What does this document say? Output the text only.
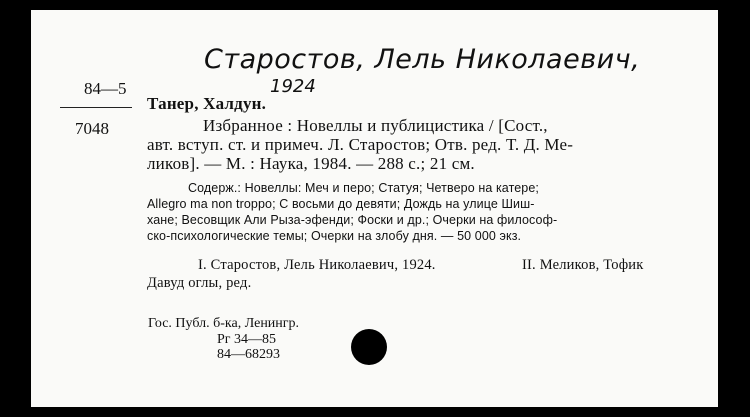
Старостов, Лель Николаевич,
1924
84—5
7048
Танер, Халдун.
Избранное : Новеллы и публицистика / [Сост.,
авт. вступ. ст. и примеч. Л. Старостов; Отв. ред. Т. Д. Ме-
ликов]. — М. : Наука, 1984. — 288 с.; 21 см.
Содерж.: Новеллы: Меч и перо; Статуя; Четверо на катере;
Allegro ma non troppo; С восьми до девяти; Дождь на улице Шиш-
хане; Весовщик Али Рыза-эфенди; Фоски и др.; Очерки на философ-
ско-психологические темы; Очерки на злобу дня. — 50 000 экз.
I. Старостов, Лель Николаевич, 1924.	II. Меликов, Тофик
Давуд оглы, ред.
Гос. Публ. б-ка, Ленингр.
Рг 34—85
84—68293
